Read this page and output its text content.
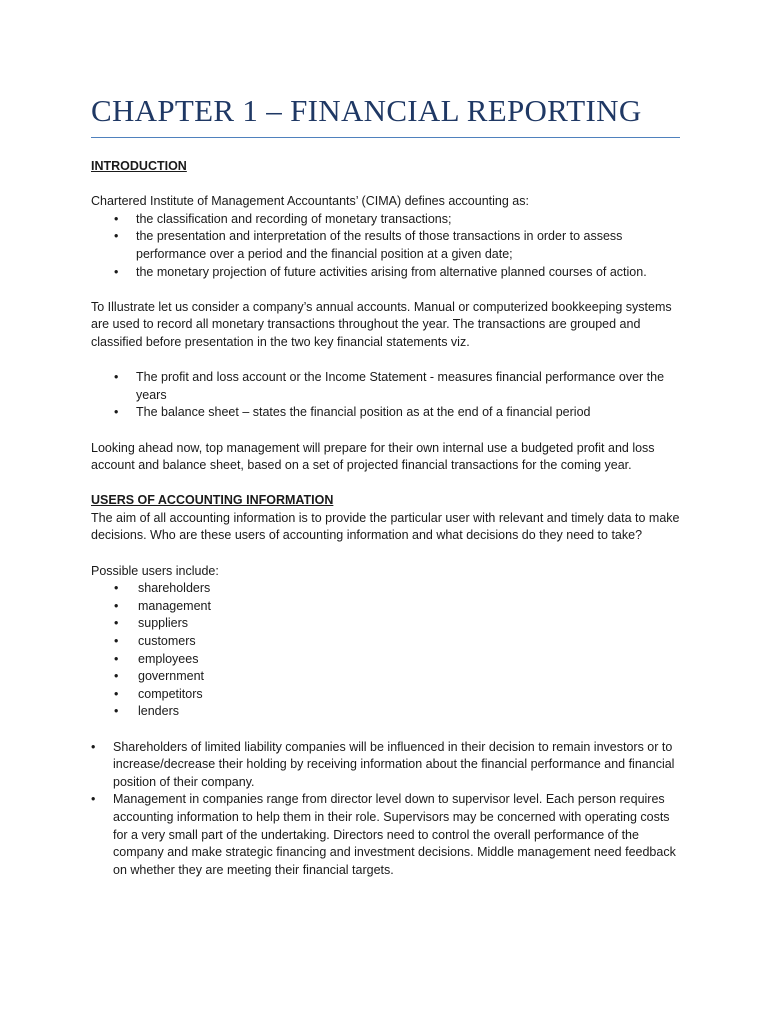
CHAPTER 1 – FINANCIAL REPORTING

INTRODUCTION

Chartered Institute of Management Accountants’ (CIMA) defines accounting as:

• the classification and recording of monetary transactions;
• the presentation and interpretation of the results of those transactions in order to assess performance over a period and the financial position at a given date;
• the monetary projection of future activities arising from alternative planned courses of action.

To Illustrate let us consider a company’s annual accounts. Manual or computerized bookkeeping systems are used to record all monetary transactions throughout the year. The transactions are grouped and classified before presentation in the two key financial statements viz.

• The profit and loss account or the Income Statement - measures financial performance over the years
• The balance sheet – states the financial position as at the end of a financial period

Looking ahead now, top management will prepare for their own internal use a budgeted profit and loss account and balance sheet, based on a set of projected financial transactions for the coming year.

USERS OF ACCOUNTING INFORMATION

The aim of all accounting information is to provide the particular user with relevant and timely data to make decisions. Who are these users of accounting information and what decisions do they need to take?

Possible users include:

• shareholders
• management
• suppliers
• customers
• employees
• government
• competitors
• lenders
• Shareholders of limited liability companies will be influenced in their decision to remain investors or to increase/decrease their holding by receiving information about the financial performance and financial position of their company.
• Management in companies range from director level down to supervisor level. Each person requires accounting information to help them in their role. Supervisors may be concerned with operating costs for a very small part of the undertaking. Directors need to control the overall performance of the company and make strategic financing and investment decisions. Middle management need feedback on whether they are meeting their financial targets.
